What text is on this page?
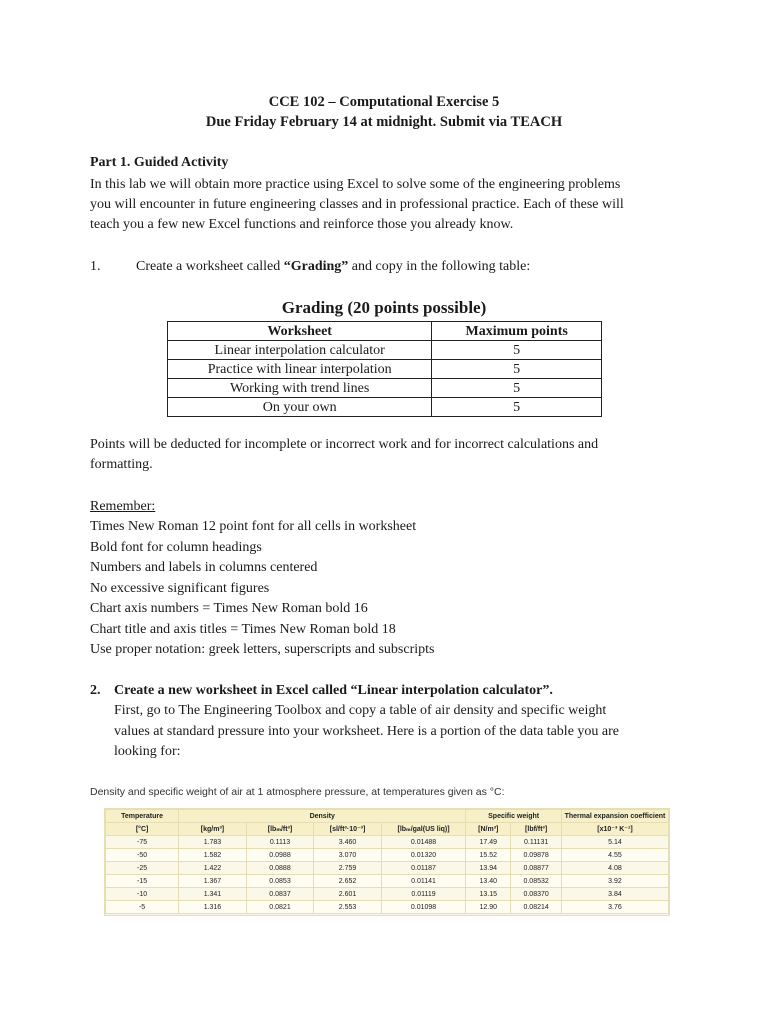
CCE 102 – Computational Exercise 5
Due Friday February 14 at midnight. Submit via TEACH
Part 1. Guided Activity
In this lab we will obtain more practice using Excel to solve some of the engineering problems
you will encounter in future engineering classes and in professional practice. Each of these will
teach you a few new Excel functions and reinforce those you already know.
1.	Create a worksheet called “Grading” and copy in the following table:
Grading (20 points possible)
Worksheet	Maximum points
Linear interpolation calculator	5
Practice with linear interpolation	5
Working with trend lines	5
On your own	5
Points will be deducted for incomplete or incorrect work and for incorrect calculations and
formatting.
Remember:
Times New Roman 12 point font for all cells in worksheet
Bold font for column headings
Numbers and labels in columns centered
No excessive significant figures
Chart axis numbers = Times New Roman bold 16
Chart title and axis titles = Times New Roman bold 18
Use proper notation: greek letters, superscripts and subscripts
2. Create a new worksheet in Excel called “Linear interpolation calculator”.
First, go to The Engineering Toolbox and copy a table of air density and specific weight
values at standard pressure into your worksheet. Here is a portion of the data table you are
looking for:
Density and specific weight of air at 1 atmosphere pressure, at temperatures given as °C:
Temperature	Density				Specific weight		Thermal expansion coefficient
[°C]	[kg/m³]	[lbₘ/ft³]	[sl/ft³·10⁻³]	[lbₘ/gal(US liq)]	[N/m³]	[lbf/ft³]	[x10⁻³ K⁻¹]
-75	1.783	0.1113	3.460	0.01488	17.49	0.11131	5.14
-50	1.582	0.0988	3.070	0.01320	15.52	0.09878	4.55
-25	1.422	0.0888	2.759	0.01187	13.94	0.08877	4.08
-15	1.367	0.0853	2.652	0.01141	13.40	0.08532	3.92
-10	1.341	0.0837	2.601	0.01119	13.15	0.08370	3.84
-5	1.316	0.0821	2.553	0.01098	12.90	0.08214	3.76
